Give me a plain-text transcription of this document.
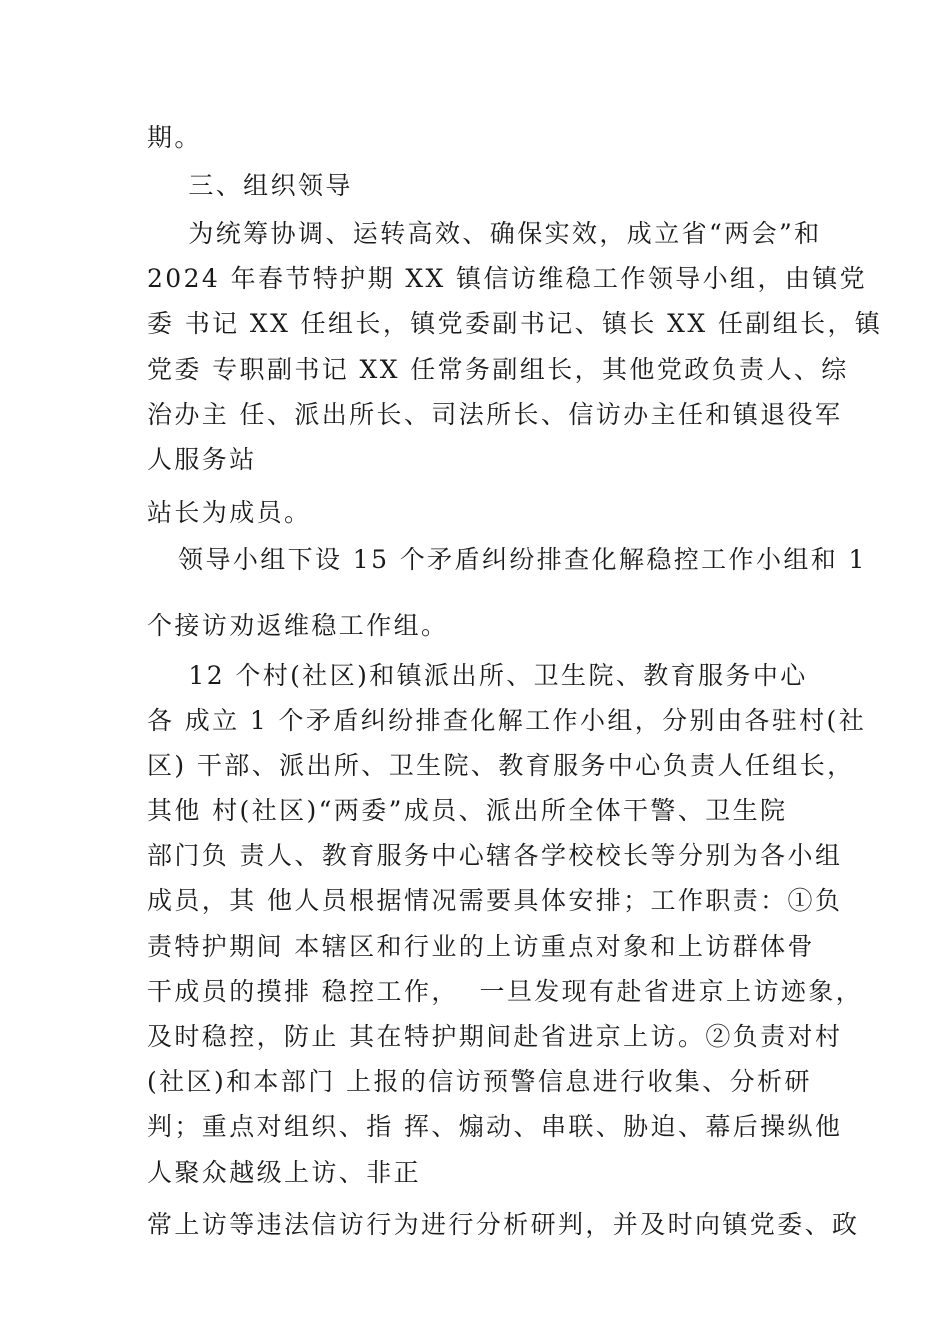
期。
三、组织领导
为统筹协调、运转高效、确保实效，成立省“两会”和
2024 年春节特护期 XX 镇信访维稳工作领导小组，由镇党
委 书记 XX 任组长，镇党委副书记、镇长 XX 任副组长，镇
党委 专职副书记 XX 任常务副组长，其他党政负责人、综
治办主 任、派出所长、司法所长、信访办主任和镇退役军
人服务站
站长为成员。
领导小组下设 15 个矛盾纠纷排查化解稳控工作小组和 1
个接访劝返维稳工作组。
12 个村(社区)和镇派出所、卫生院、教育服务中心
各 成立 1 个矛盾纠纷排查化解工作小组，分别由各驻村(社
区) 干部、派出所、卫生院、教育服务中心负责人任组长，
其他 村(社区)“两委”成员、派出所全体干警、卫生院
部门负 责人、教育服务中心辖各学校校长等分别为各小组
成员，其 他人员根据情况需要具体安排；工作职责：①负
责特护期间 本辖区和行业的上访重点对象和上访群体骨
干成员的摸排 稳控工作，  一旦发现有赴省进京上访迹象，
及时稳控，防止 其在特护期间赴省进京上访。②负责对村
(社区)和本部门 上报的信访预警信息进行收集、分析研
判；重点对组织、指 挥、煽动、串联、胁迫、幕后操纵他
人聚众越级上访、非正
常上访等违法信访行为进行分析研判，并及时向镇党委、政
